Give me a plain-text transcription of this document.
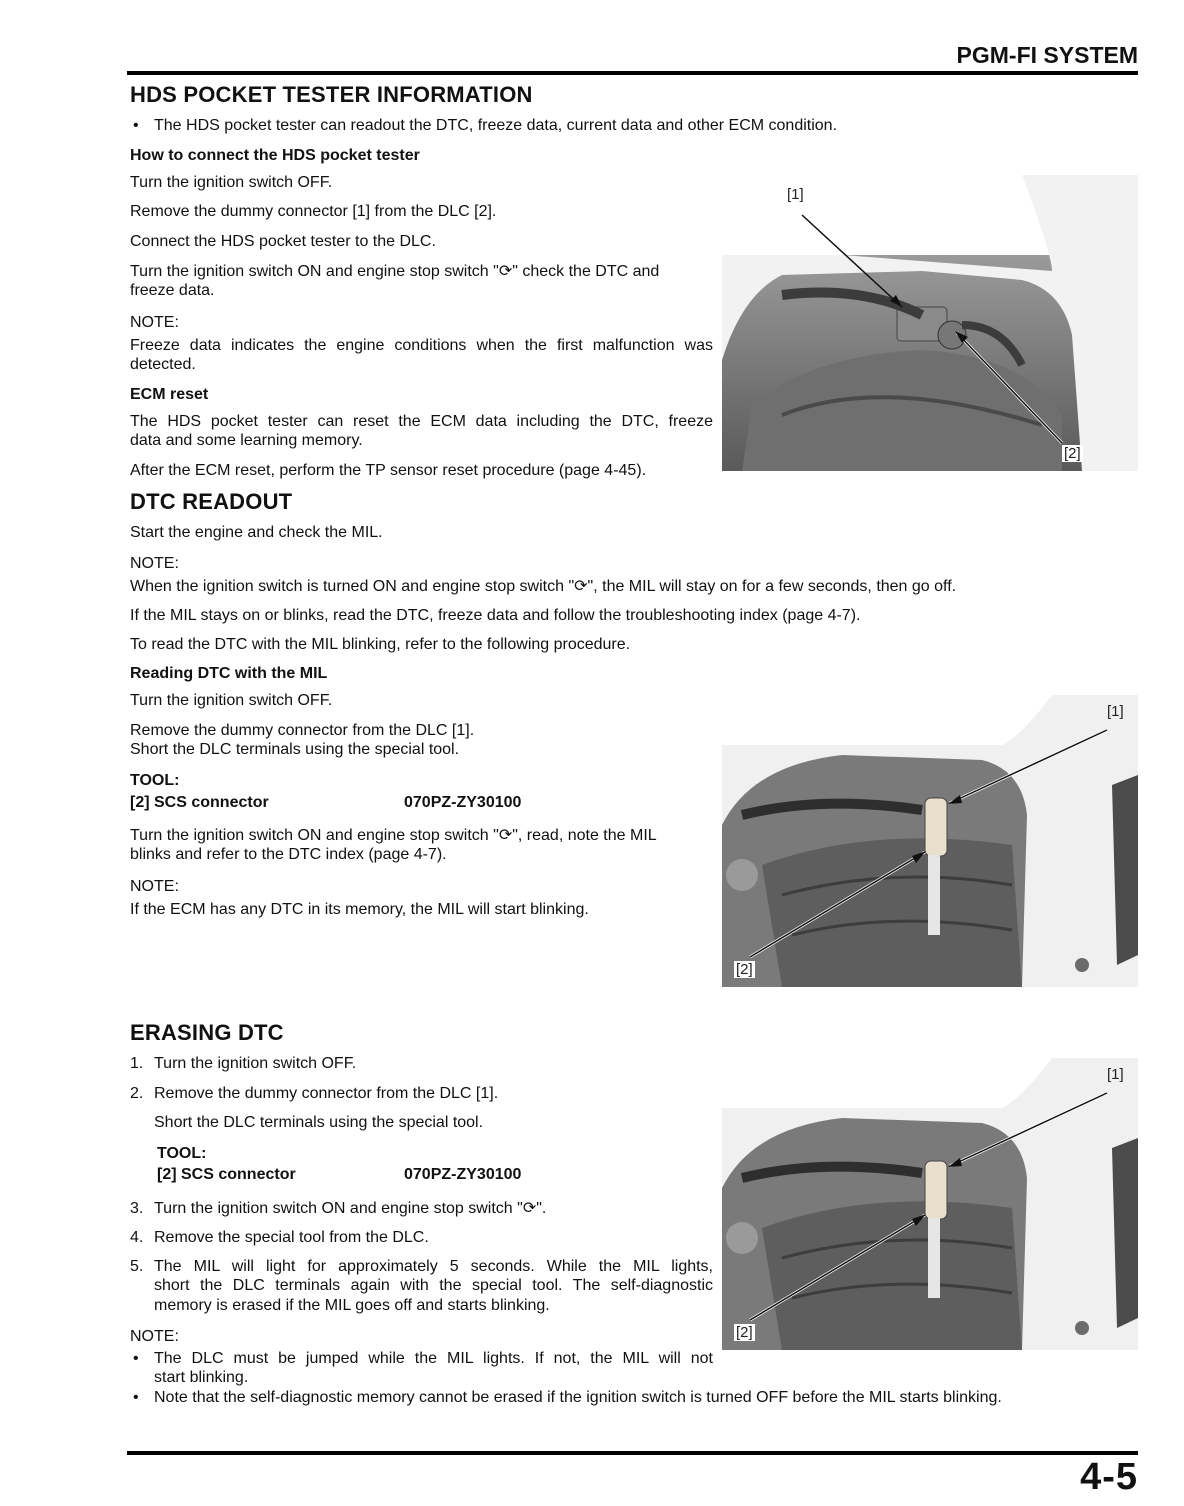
PGM-FI SYSTEM
HDS POCKET TESTER INFORMATION
• The HDS pocket tester can readout the DTC, freeze data, current data and other ECM condition.
How to connect the HDS pocket tester
Turn the ignition switch OFF.
Remove the dummy connector [1] from the DLC [2].
Connect the HDS pocket tester to the DLC.
Turn the ignition switch ON and engine stop switch "⟳" check the DTC and
freeze data.
NOTE:
Freeze data indicates the engine conditions when the first malfunction was
detected.
ECM reset
The HDS pocket tester can reset the ECM data including the DTC, freeze
data and some learning memory.
After the ECM reset, perform the TP sensor reset procedure (page 4-45).
[1]
[2]
DTC READOUT
Start the engine and check the MIL.
NOTE:
When the ignition switch is turned ON and engine stop switch "⟳", the MIL will stay on for a few seconds, then go off.
If the MIL stays on or blinks, read the DTC, freeze data and follow the troubleshooting index (page 4-7).
To read the DTC with the MIL blinking, refer to the following procedure.
Reading DTC with the MIL
Turn the ignition switch OFF.
Remove the dummy connector from the DLC [1].
Short the DLC terminals using the special tool.
TOOL:
[2] SCS connector	070PZ-ZY30100
Turn the ignition switch ON and engine stop switch "⟳", read, note the MIL
blinks and refer to the DTC index (page 4-7).
NOTE:
If the ECM has any DTC in its memory, the MIL will start blinking.
[1]
[2]
ERASING DTC
1. Turn the ignition switch OFF.
2. Remove the dummy connector from the DLC [1].
Short the DLC terminals using the special tool.
TOOL:
[2] SCS connector	070PZ-ZY30100
3. Turn the ignition switch ON and engine stop switch "⟳".
4. Remove the special tool from the DLC.
5. The MIL will light for approximately 5 seconds. While the MIL lights,
short the DLC terminals again with the special tool. The self-diagnostic
memory is erased if the MIL goes off and starts blinking.
NOTE:
• The DLC must be jumped while the MIL lights. If not, the MIL will not
start blinking.
• Note that the self-diagnostic memory cannot be erased if the ignition switch is turned OFF before the MIL starts blinking.
[1]
[2]
4-5
